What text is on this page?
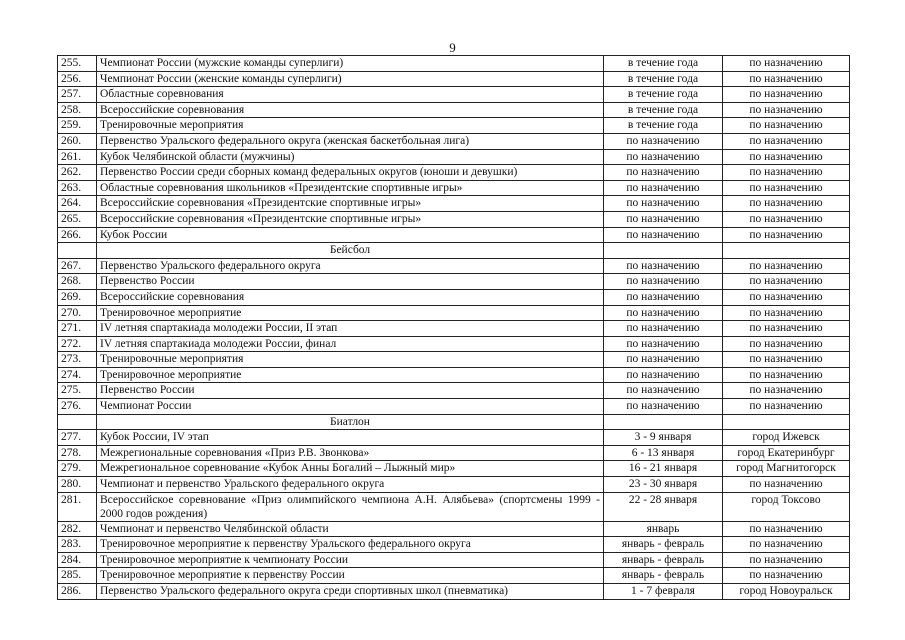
9
255.	Чемпионат России (мужские команды суперлиги)	в течение года	по назначению
256.	Чемпионат России (женские команды суперлиги)	в течение года	по назначению
257.	Областные соревнования	в течение года	по назначению
258.	Всероссийские соревнования	в течение года	по назначению
259.	Тренировочные мероприятия	в течение года	по назначению
260.	Первенство Уральского федерального округа (женская баскетбольная лига)	по назначению	по назначению
261.	Кубок Челябинской области (мужчины)	по назначению	по назначению
262.	Первенство России среди сборных команд федеральных округов (юноши и девушки)	по назначению	по назначению
263.	Областные соревнования школьников «Президентские спортивные игры»	по назначению	по назначению
264.	Всероссийские соревнования «Президентские спортивные игры»	по назначению	по назначению
265.	Всероссийские соревнования «Президентские спортивные игры»	по назначению	по назначению
266.	Кубок России	по назначению	по назначению
	Бейсбол		
267.	Первенство Уральского федерального округа	по назначению	по назначению
268.	Первенство России	по назначению	по назначению
269.	Всероссийские соревнования	по назначению	по назначению
270.	Тренировочное мероприятие	по назначению	по назначению
271.	IV летняя спартакиада молодежи России, II этап	по назначению	по назначению
272.	IV летняя спартакиада молодежи России, финал	по назначению	по назначению
273.	Тренировочные мероприятия	по назначению	по назначению
274.	Тренировочное мероприятие	по назначению	по назначению
275.	Первенство России	по назначению	по назначению
276.	Чемпионат России	по назначению	по назначению
	Биатлон		
277.	Кубок России, IV этап	3 - 9 января	город Ижевск
278.	Межрегиональные соревнования «Приз Р.В. Звонкова»	6 - 13 января	город Екатеринбург
279.	Межрегиональное соревнование «Кубок Анны Богалий – Лыжный мир»	16 - 21 января	город Магнитогорск
280.	Чемпионат и первенство Уральского федерального округа	23 - 30 января	по назначению
281.	Всероссийское соревнование «Приз олимпийского чемпиона А.Н. Алябьева» (спортсмены 1999 - 2000 годов рождения)	22 - 28 января	город Токсово
282.	Чемпионат и первенство Челябинской области	январь	по назначению
283.	Тренировочное мероприятие к первенству Уральского федерального округа	январь - февраль	по назначению
284.	Тренировочное мероприятие к чемпионату России	январь - февраль	по назначению
285.	Тренировочное мероприятие к первенству России	январь - февраль	по назначению
286.	Первенство Уральского федерального округа среди спортивных школ (пневматика)	1 - 7 февраля	город Новоуральск
